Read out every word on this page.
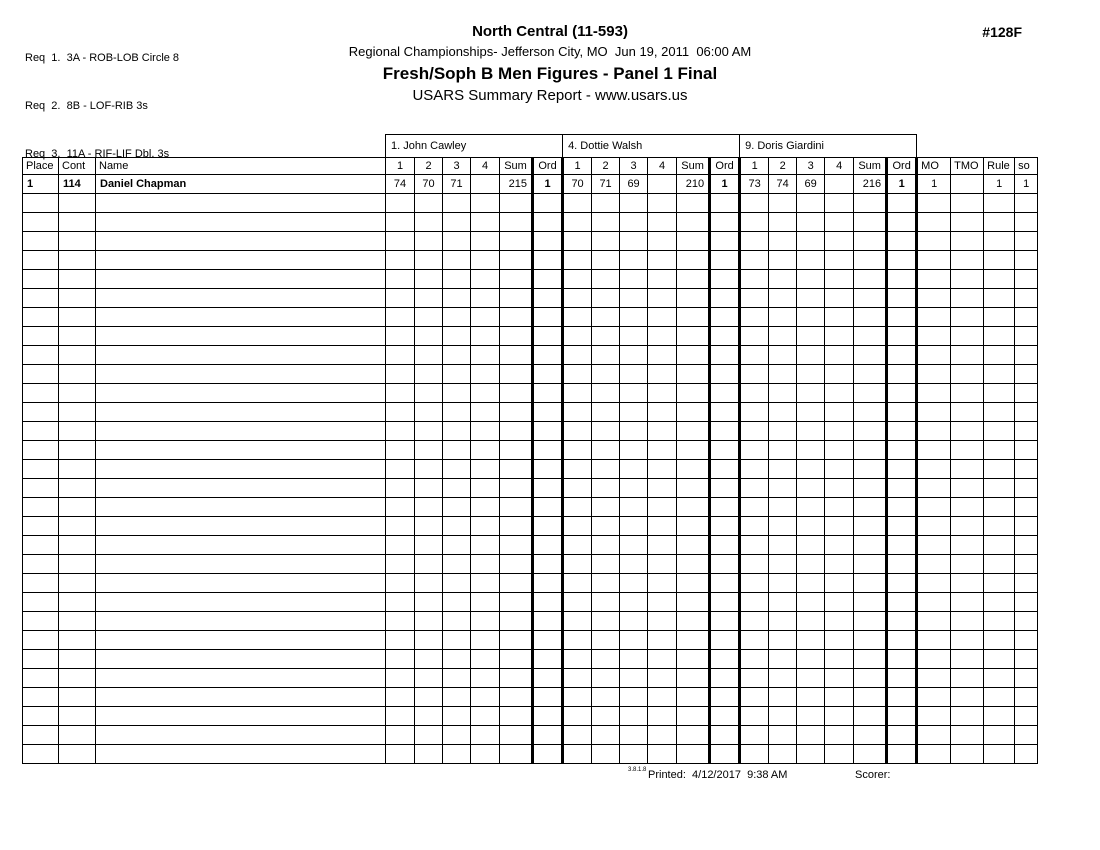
Req  1.  3A - ROB-LOB Circle 8

Req  2.  8B - LOF-RIB 3s

Req  3.  11A - RIF-LIF Dbl. 3s

North Central (11-593)
Regional Championships- Jefferson City, MO  Jun 19, 2011  06:00 AM
Fresh/Soph B Men Figures - Panel 1 Final
USARS Summary Report - www.usars.us
#128F
			1. John Cawley						4. Dottie Walsh						9. Doris Giardini									
Place	Cont	Name	1	2	3	4	Sum	Ord	1	2	3	4	Sum	Ord	1	2	3	4	Sum	Ord	MO	TMO	Rule	so
1	114	Daniel Chapman	74	70	71		215	1	70	71	69		210	1	73	74	69		216	1	1		1	1

3.8.1.8 Printed:  4/12/2017  9:38 AM	Scorer:
